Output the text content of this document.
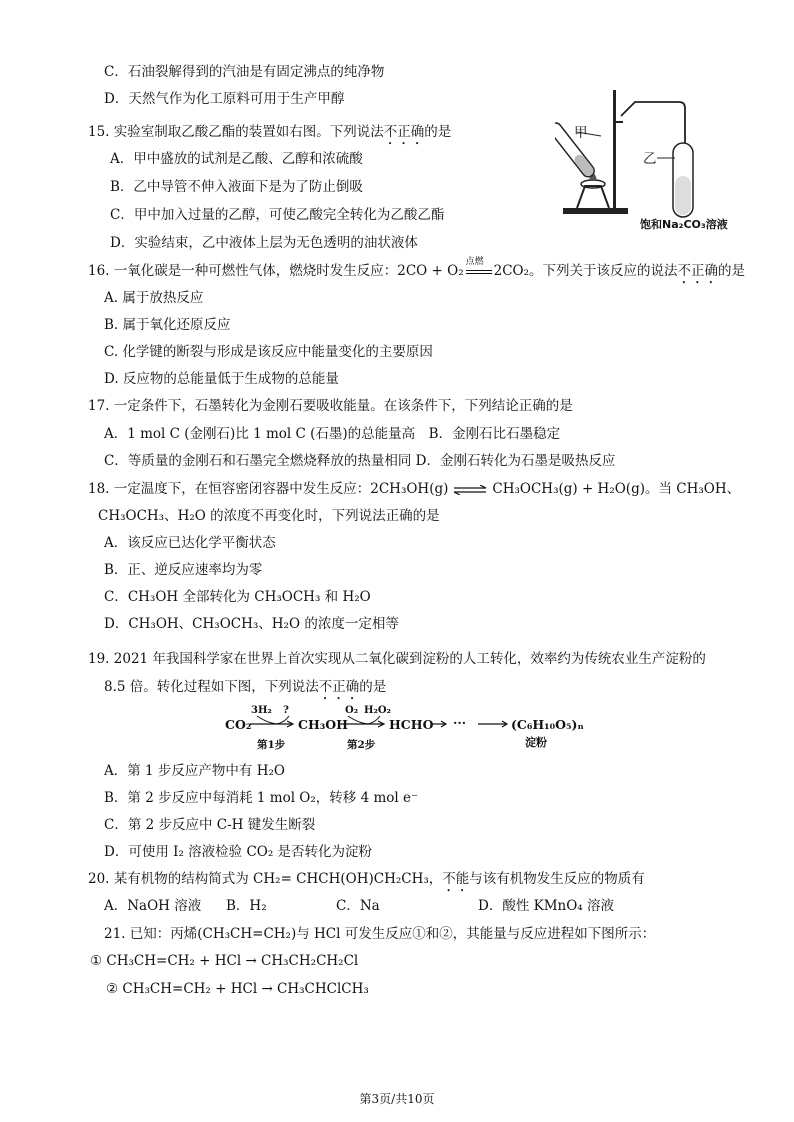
C．石油裂解得到的汽油是有固定沸点的纯净物
D．天然气作为化工原料可用于生产甲醇
15. 实验室制取乙酸乙酯的装置如右图。下列说法不正确的是
A．甲中盛放的试剂是乙酸、乙醇和浓硫酸
B．乙中导管不伸入液面下是为了防止倒吸
C．甲中加入过量的乙醇，可使乙酸完全转化为乙酸乙酯
D．实验结束，乙中液体上层为无色透明的油状液体
甲
乙
饱和Na₂CO₃溶液
16. 一氧化碳是一种可燃性气体，燃烧时发生反应：2CO + O₂
点燃
2CO₂。下列关于该反应的说法不正确的是
A. 属于放热反应
B. 属于氧化还原反应
C. 化学键的断裂与形成是该反应中能量变化的主要原因
D. 反应物的总能量低于生成物的总能量
17. 一定条件下，石墨转化为金刚石要吸收能量。在该条件下，下列结论正确的是
A．1 mol C (金刚石)比 1 mol C (石墨)的总能量高　B．金刚石比石墨稳定
C．等质量的金刚石和石墨完全燃烧释放的热量相同 D．金刚石转化为石墨是吸热反应
18. 一定温度下，在恒容密闭容器中发生反应：2CH₃OH(g) ⇌ CH₃OCH₃(g) + H₂O(g)。当 CH₃OH、
CH₃OCH₃、H₂O 的浓度不再变化时，下列说法正确的是
A．该反应已达化学平衡状态
B．正、逆反应速率均为零
C．CH₃OH 全部转化为 CH₃OCH₃ 和 H₂O
D．CH₃OH、CH₃OCH₃、H₂O 的浓度一定相等
19. 2021 年我国科学家在世界上首次实现从二氧化碳到淀粉的人工转化，效率约为传统农业生产淀粉的
8.5 倍。转化过程如下图，下列说法不正确的是
CO₂
3H₂ ?
第1步
CH₃OH
O₂ H₂O₂
第2步
HCHO ···	(C₆H₁₀O₅)ₙ
淀粉
A．第 1 步反应产物中有 H₂O
B．第 2 步反应中每消耗 1 mol O₂，转移 4 mol e⁻
C．第 2 步反应中 C-H 键发生断裂
D．可使用 I₂ 溶液检验 CO₂ 是否转化为淀粉
20. 某有机物的结构简式为 CH₂= CHCH(OH)CH₂CH₃，不能与该有机物发生反应的物质有
A．NaOH 溶液 B．H₂	C．Na	D．酸性 KMnO₄ 溶液
21. 已知：丙烯(CH₃CH=CH₂)与 HCl 可发生反应①和②，其能量与反应进程如下图所示：
① CH₃CH=CH₂ + HCl → CH₃CH₂CH₂Cl
② CH₃CH=CH₂ + HCl → CH₃CHClCH₃
第3页/共10页
